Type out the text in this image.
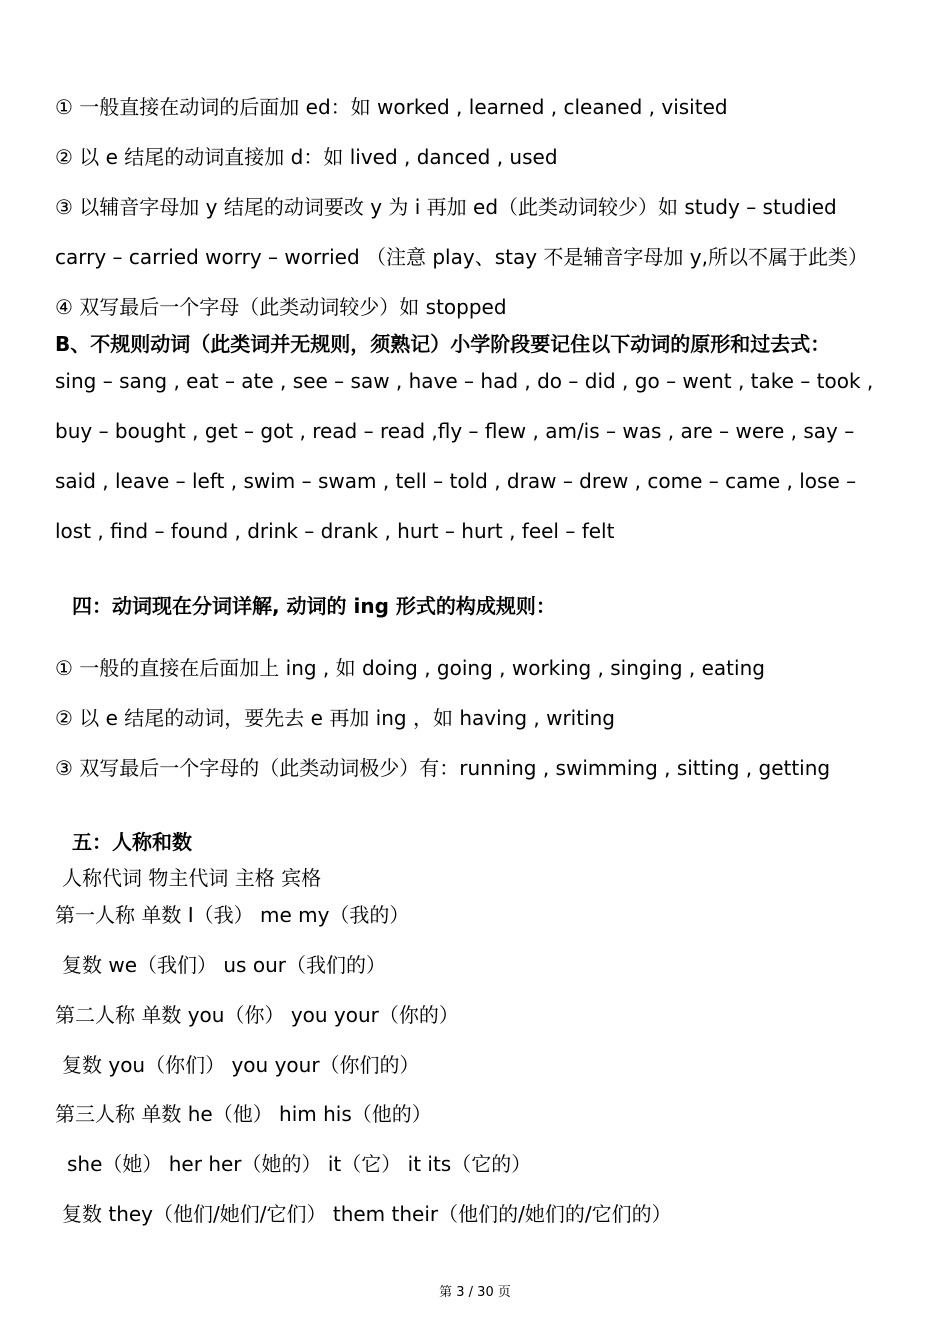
① 一般直接在动词的后面加 ed：如 worked , learned , cleaned , visited
② 以 e 结尾的动词直接加 d：如 lived , danced , used
③ 以辅音字母加 y 结尾的动词要改 y 为 i 再加 ed（此类动词较少）如 study – studied
carry – carried worry – worried （注意 play、stay 不是辅音字母加 y,所以不属于此类）
④ 双写最后一个字母（此类动词较少）如 stopped
B、不规则动词（此类词并无规则，须熟记）小学阶段要记住以下动词的原形和过去式：
sing – sang , eat – ate , see – saw , have – had , do – did , go – went , take – took ,
buy – bought , get – got , read – read ,fly – flew , am/is – was , are – were , say –
said , leave – left , swim – swam , tell – told , draw – drew , come – came , lose –
lost , find – found , drink – drank , hurt – hurt , feel – felt
四：动词现在分词详解, 动词的 ing 形式的构成规则：
① 一般的直接在后面加上 ing , 如 doing , going , working , singing , eating
② 以 e 结尾的动词，要先去 e 再加 ing ，如 having , writing
③ 双写最后一个字母的（此类动词极少）有：running , swimming , sitting , getting
五：人称和数
人称代词 物主代词 主格 宾格
第一人称 单数 I（我） me my（我的）
复数 we（我们） us our（我们的）
第二人称 单数 you（你） you your（你的）
复数 you（你们） you your（你们的）
第三人称 单数 he（他） him his（他的）
she（她） her her（她的） it（它） it its（它的）
复数 they（他们/她们/它们） them their（他们的/她们的/它们的）
第 3 / 30 页
